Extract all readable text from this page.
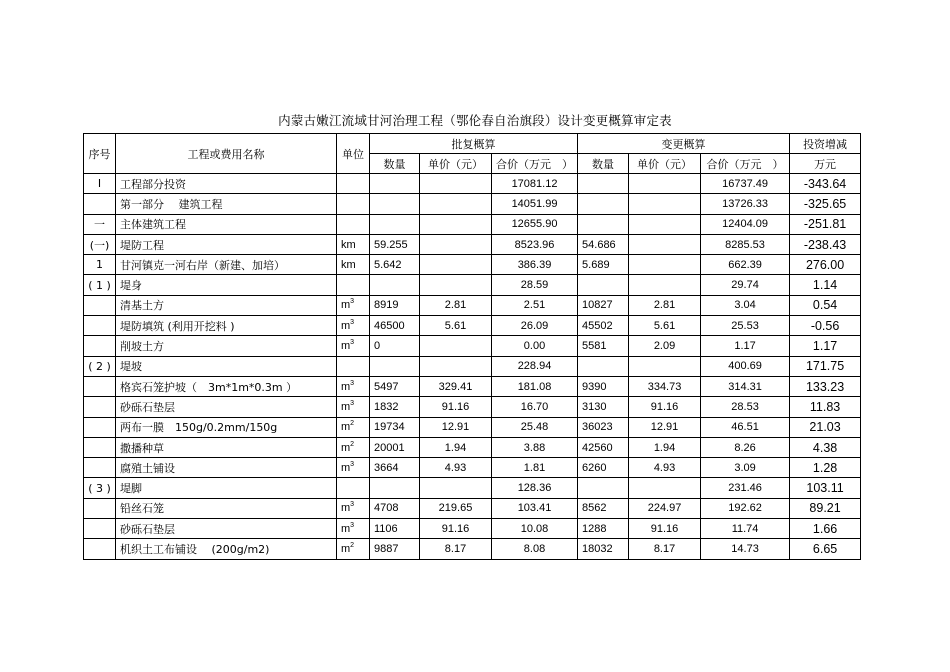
内蒙古嫩江流域甘河治理工程（鄂伦春自治旗段）设计变更概算审定表
序号	工程或费用名称	单位	批复概算			变更概算			投资增减
			数量	单价（元）	合价（万元　）	数量	单价（元）	合价（万元　）	万元
Ⅰ	工程部分投资				17081.12			16737.49	-343.64
	第一部分　 建筑工程				14051.99			13726.33	-325.65
一	主体建筑工程				12655.90			12404.09	-251.81
(一)	堤防工程	km	59.255		8523.96	54.686		8285.53	-238.43
1	甘河镇克一河右岸（新建、加培）	km	5.642		386.39	5.689		662.39	276.00
( 1 )	堤身				28.59			29.74	1.14
	清基土方	$m^3$	8919	2.81	2.51	10827	2.81	3.04	0.54
	堤防填筑 (利用开挖料 )	$m^3$	46500	5.61	26.09	45502	5.61	25.53	-0.56
	削坡土方	$m^3$	0		0.00	5581	2.09	1.17	1.17
( 2 )	堤坡				228.94			400.69	171.75
	格宾石笼护坡（　3m*1m*0.3m ）	$m^3$	5497	329.41	181.08	9390	334.73	314.31	133.23
	砂砾石垫层	$m^3$	1832	91.16	16.70	3130	91.16	28.53	11.83
	两布一膜　150g/0.2mm/150g	$m^2$	19734	12.91	25.48	36023	12.91	46.51	21.03
	撒播种草	$m^2$	20001	1.94	3.88	42560	1.94	8.26	4.38
	腐殖土铺设	$m^3$	3664	4.93	1.81	6260	4.93	3.09	1.28
( 3 )	堤脚				128.36			231.46	103.11
	铅丝石笼	$m^3$	4708	219.65	103.41	8562	224.97	192.62	89.21
	砂砾石垫层	$m^3$	1106	91.16	10.08	1288	91.16	11.74	1.66
	机织土工布铺设　 (200g/m2)	$m^2$	9887	8.17	8.08	18032	8.17	14.73	6.65
